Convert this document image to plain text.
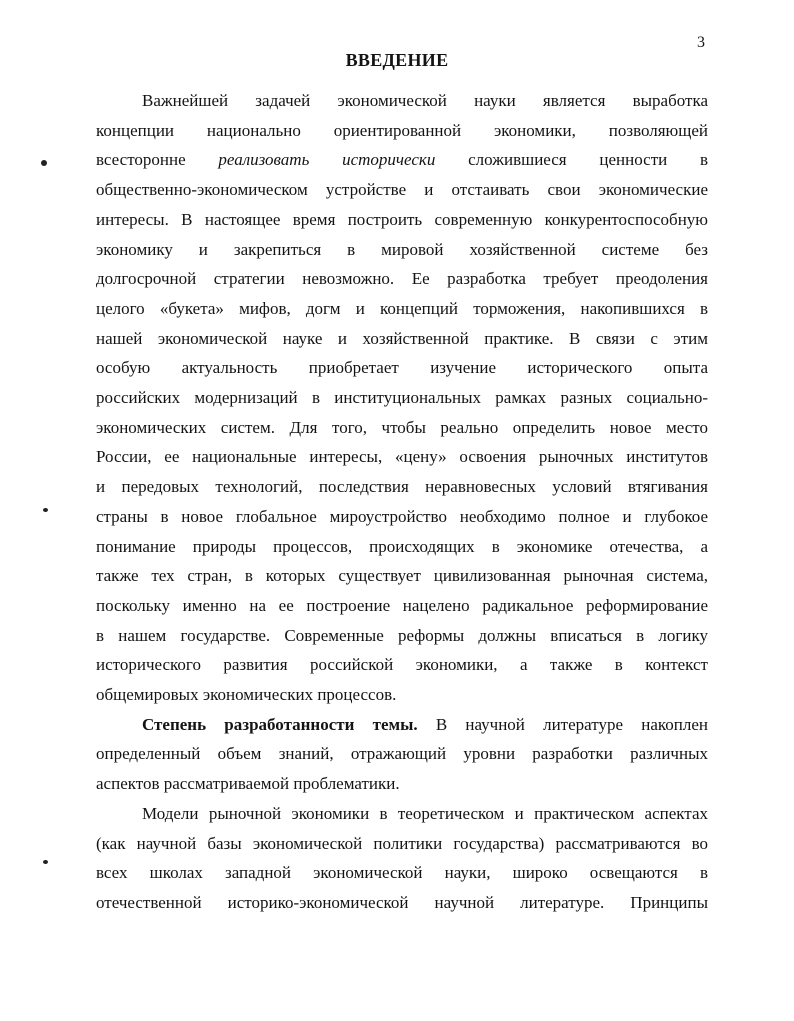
3
ВВЕДЕНИЕ

Важнейшей задачей экономической науки является выработка
концепции национально ориентированной экономики, позволяющей
всесторонне реализовать исторически сложившиеся ценности в
общественно-экономическом устройстве и отстаивать свои экономические
интересы. В настоящее время построить современную конкурентоспособную
экономику и закрепиться в мировой хозяйственной системе без
долгосрочной стратегии невозможно. Ее разработка требует преодоления
целого «букета» мифов, догм и концепций торможения, накопившихся в
нашей экономической науке и хозяйственной практике. В связи с этим
особую актуальность приобретает изучение исторического опыта
российских модернизаций в институциональных рамках разных социально-
экономических систем. Для того, чтобы реально определить новое место
России, ее национальные интересы, «цену» освоения рыночных институтов
и передовых технологий, последствия неравновесных условий втягивания
страны в новое глобальное мироустройство необходимо полное и глубокое
понимание природы процессов, происходящих в экономике отечества, а
также тех стран, в которых существует цивилизованная рыночная система,
поскольку именно на ее построение нацелено радикальное реформирование
в нашем государстве. Современные реформы должны вписаться в логику
исторического развития российской экономики, а также в контекст
общемировых экономических процессов.

Степень разработанности темы. В научной литературе накоплен
определенный объем знаний, отражающий уровни разработки различных
аспектов рассматриваемой проблематики.

Модели рыночной экономики в теоретическом и практическом аспектах
(как научной базы экономической политики государства) рассматриваются во
всех школах западной экономической науки, широко освещаются в
отечественной историко-экономической научной литературе. Принципы
